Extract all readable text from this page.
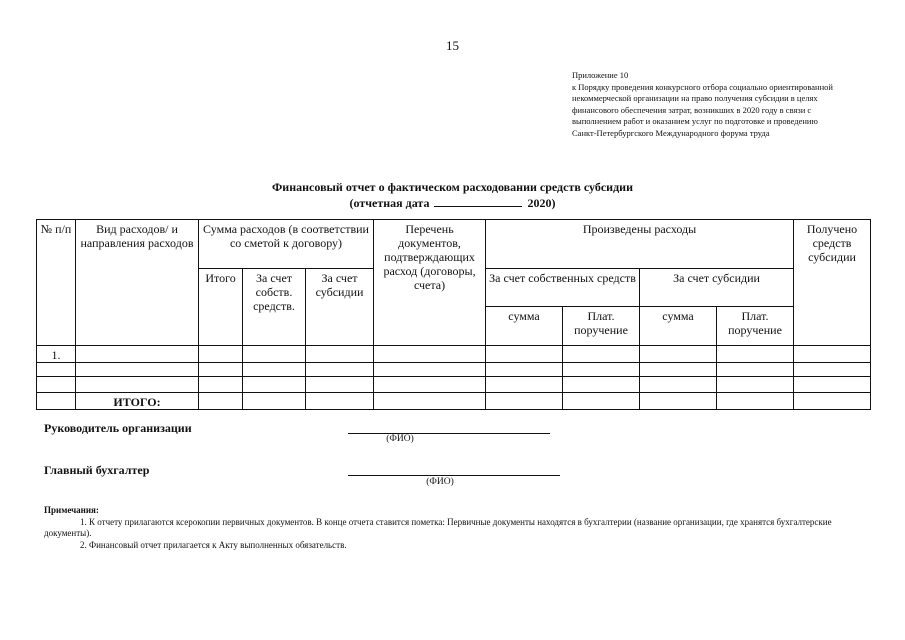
15
Приложение 10
к Порядку проведения конкурсного отбора социально ориентированной
некоммерческой организации на право получения субсидии в целях
финансового обеспечения затрат, возникших в 2020 году в связи с
выполнением работ и оказанием услуг по подготовке и проведению
Санкт-Петербургского Международного форума труда
Финансовый отчет о фактическом расходовании средств субсидии
(отчетная дата	2020)
№ п/п	Вид расходов/ и направления расходов	Сумма расходов (в соответствии со сметой к договору)			Перечень документов, подтверждающих расход (договоры, счета)	Произведены расходы				Получено средств субсидии
		Итого	За счет собств. средств.	За счет субсидии		За счет собственных средств		За счет субсидии		
						сумма	Плат. поручение	сумма	Плат. поручение	
1.										

	ИТОГО:									
Руководитель организации
(ФИО)
Главный бухгалтер
(ФИО)
Примечания:
1. К отчету прилагаются ксерокопии первичных документов. В конце отчета ставится пометка: Первичные документы находятся в бухгалтерии (название организации, где хранятся бухгалтерские документы).
2. Финансовый отчет прилагается к Акту выполненных обязательств.
